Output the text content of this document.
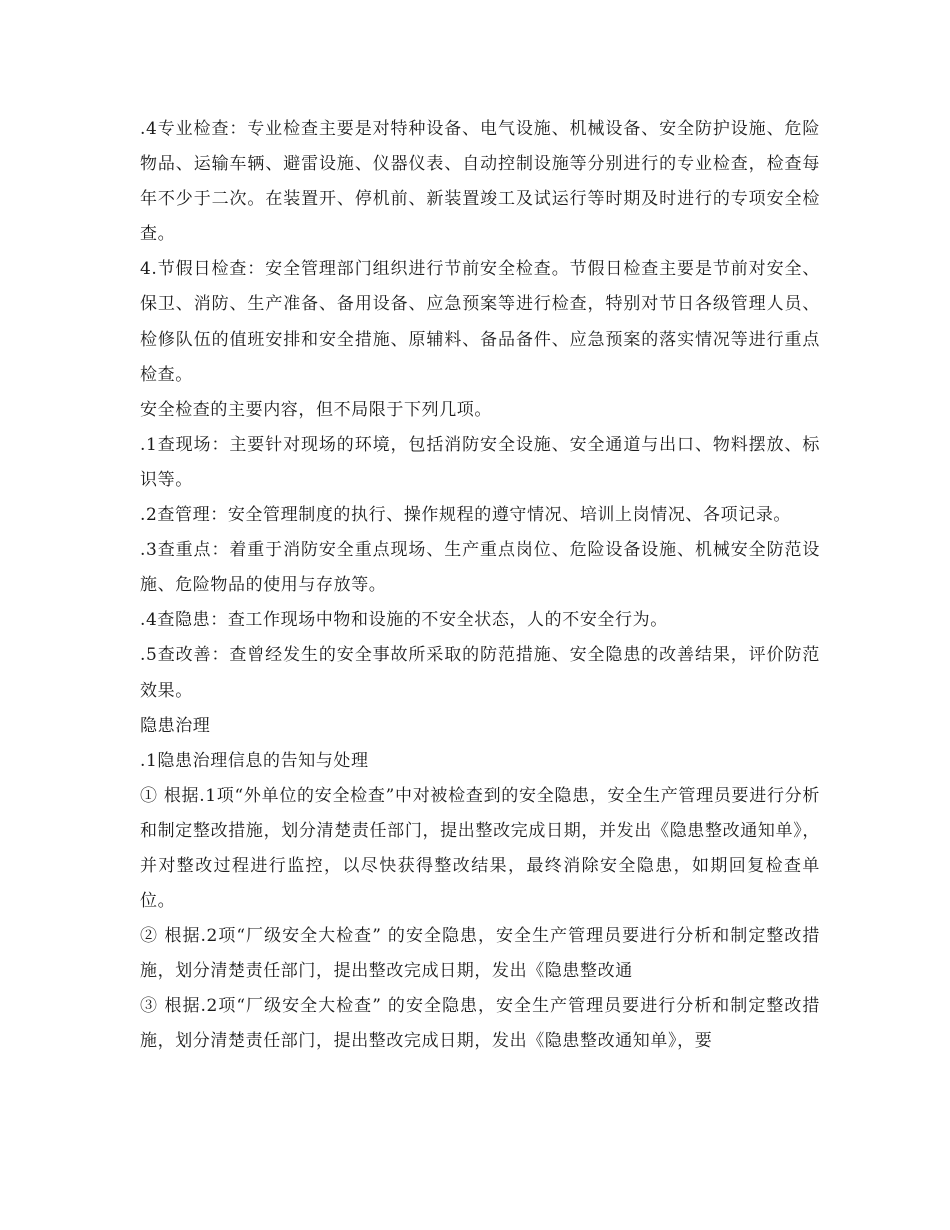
.4专业检查：专业检查主要是对特种设备、电气设施、机械设备、安全防护设施、危险物品、运输车辆、避雷设施、仪器仪表、自动控制设施等分别进行的专业检查，检查每年不少于二次。在装置开、停机前、新装置竣工及试运行等时期及时进行的专项安全检查。

4.节假日检查：安全管理部门组织进行节前安全检查。节假日检查主要是节前对安全、保卫、消防、生产准备、备用设备、应急预案等进行检查，特别对节日各级管理人员、检修队伍的值班安排和安全措施、原辅料、备品备件、应急预案的落实情况等进行重点检查。

安全检查的主要内容，但不局限于下列几项。

.1查现场：主要针对现场的环境，包括消防安全设施、安全通道与出口、物料摆放、标识等。

.2查管理：安全管理制度的执行、操作规程的遵守情况、培训上岗情况、各项记录。

.3查重点：着重于消防安全重点现场、生产重点岗位、危险设备设施、机械安全防范设施、危险物品的使用与存放等。

.4查隐患：查工作现场中物和设施的不安全状态，人的不安全行为。

.5查改善：查曾经发生的安全事故所采取的防范措施、安全隐患的改善结果，评价防范效果。

隐患治理

.1隐患治理信息的告知与处理

① 根据.1项“外单位的安全检查”中对被检查到的安全隐患，安全生产管理员要进行分析和制定整改措施，划分清楚责任部门，提出整改完成日期，并发出《隐患整改通知单》，并对整改过程进行监控，以尽快获得整改结果，最终消除安全隐患，如期回复检查单位。

② 根据.2项“厂级安全大检查” 的安全隐患，安全生产管理员要进行分析和制定整改措施，划分清楚责任部门，提出整改完成日期，发出《隐患整改通

③ 根据.2项“厂级安全大检查” 的安全隐患，安全生产管理员要进行分析和制定整改措施，划分清楚责任部门，提出整改完成日期，发出《隐患整改通知单》，要
